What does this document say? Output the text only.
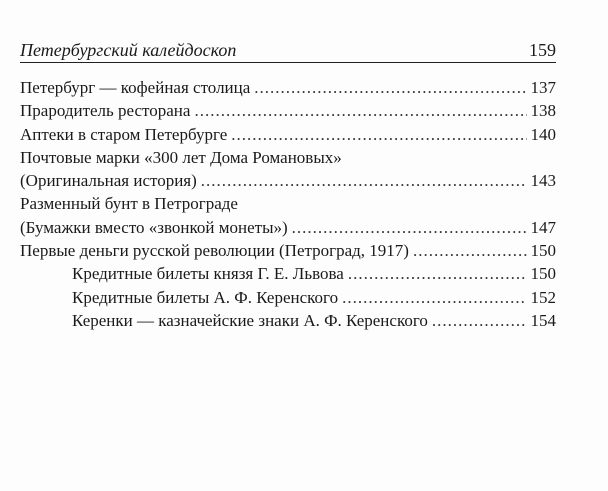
Петербургский калейдоскоп	159
Петербург — кофейная столица .....	137
Прародитель ресторана .....	138
Аптеки в старом Петербурге .....	140
Почтовые марки «300 лет Дома Романовых»
(Оригинальная история) .....	143
Разменный бунт в Петрограде
(Бумажки вместо «звонкой монеты») .....	147
Первые деньги русской революции (Петроград, 1917) .....	150
Кредитные билеты князя Г. Е. Львова .....	150
Кредитные билеты А. Ф. Керенского .....	152
Керенки — казначейские знаки А. Ф. Керенского .....	154
